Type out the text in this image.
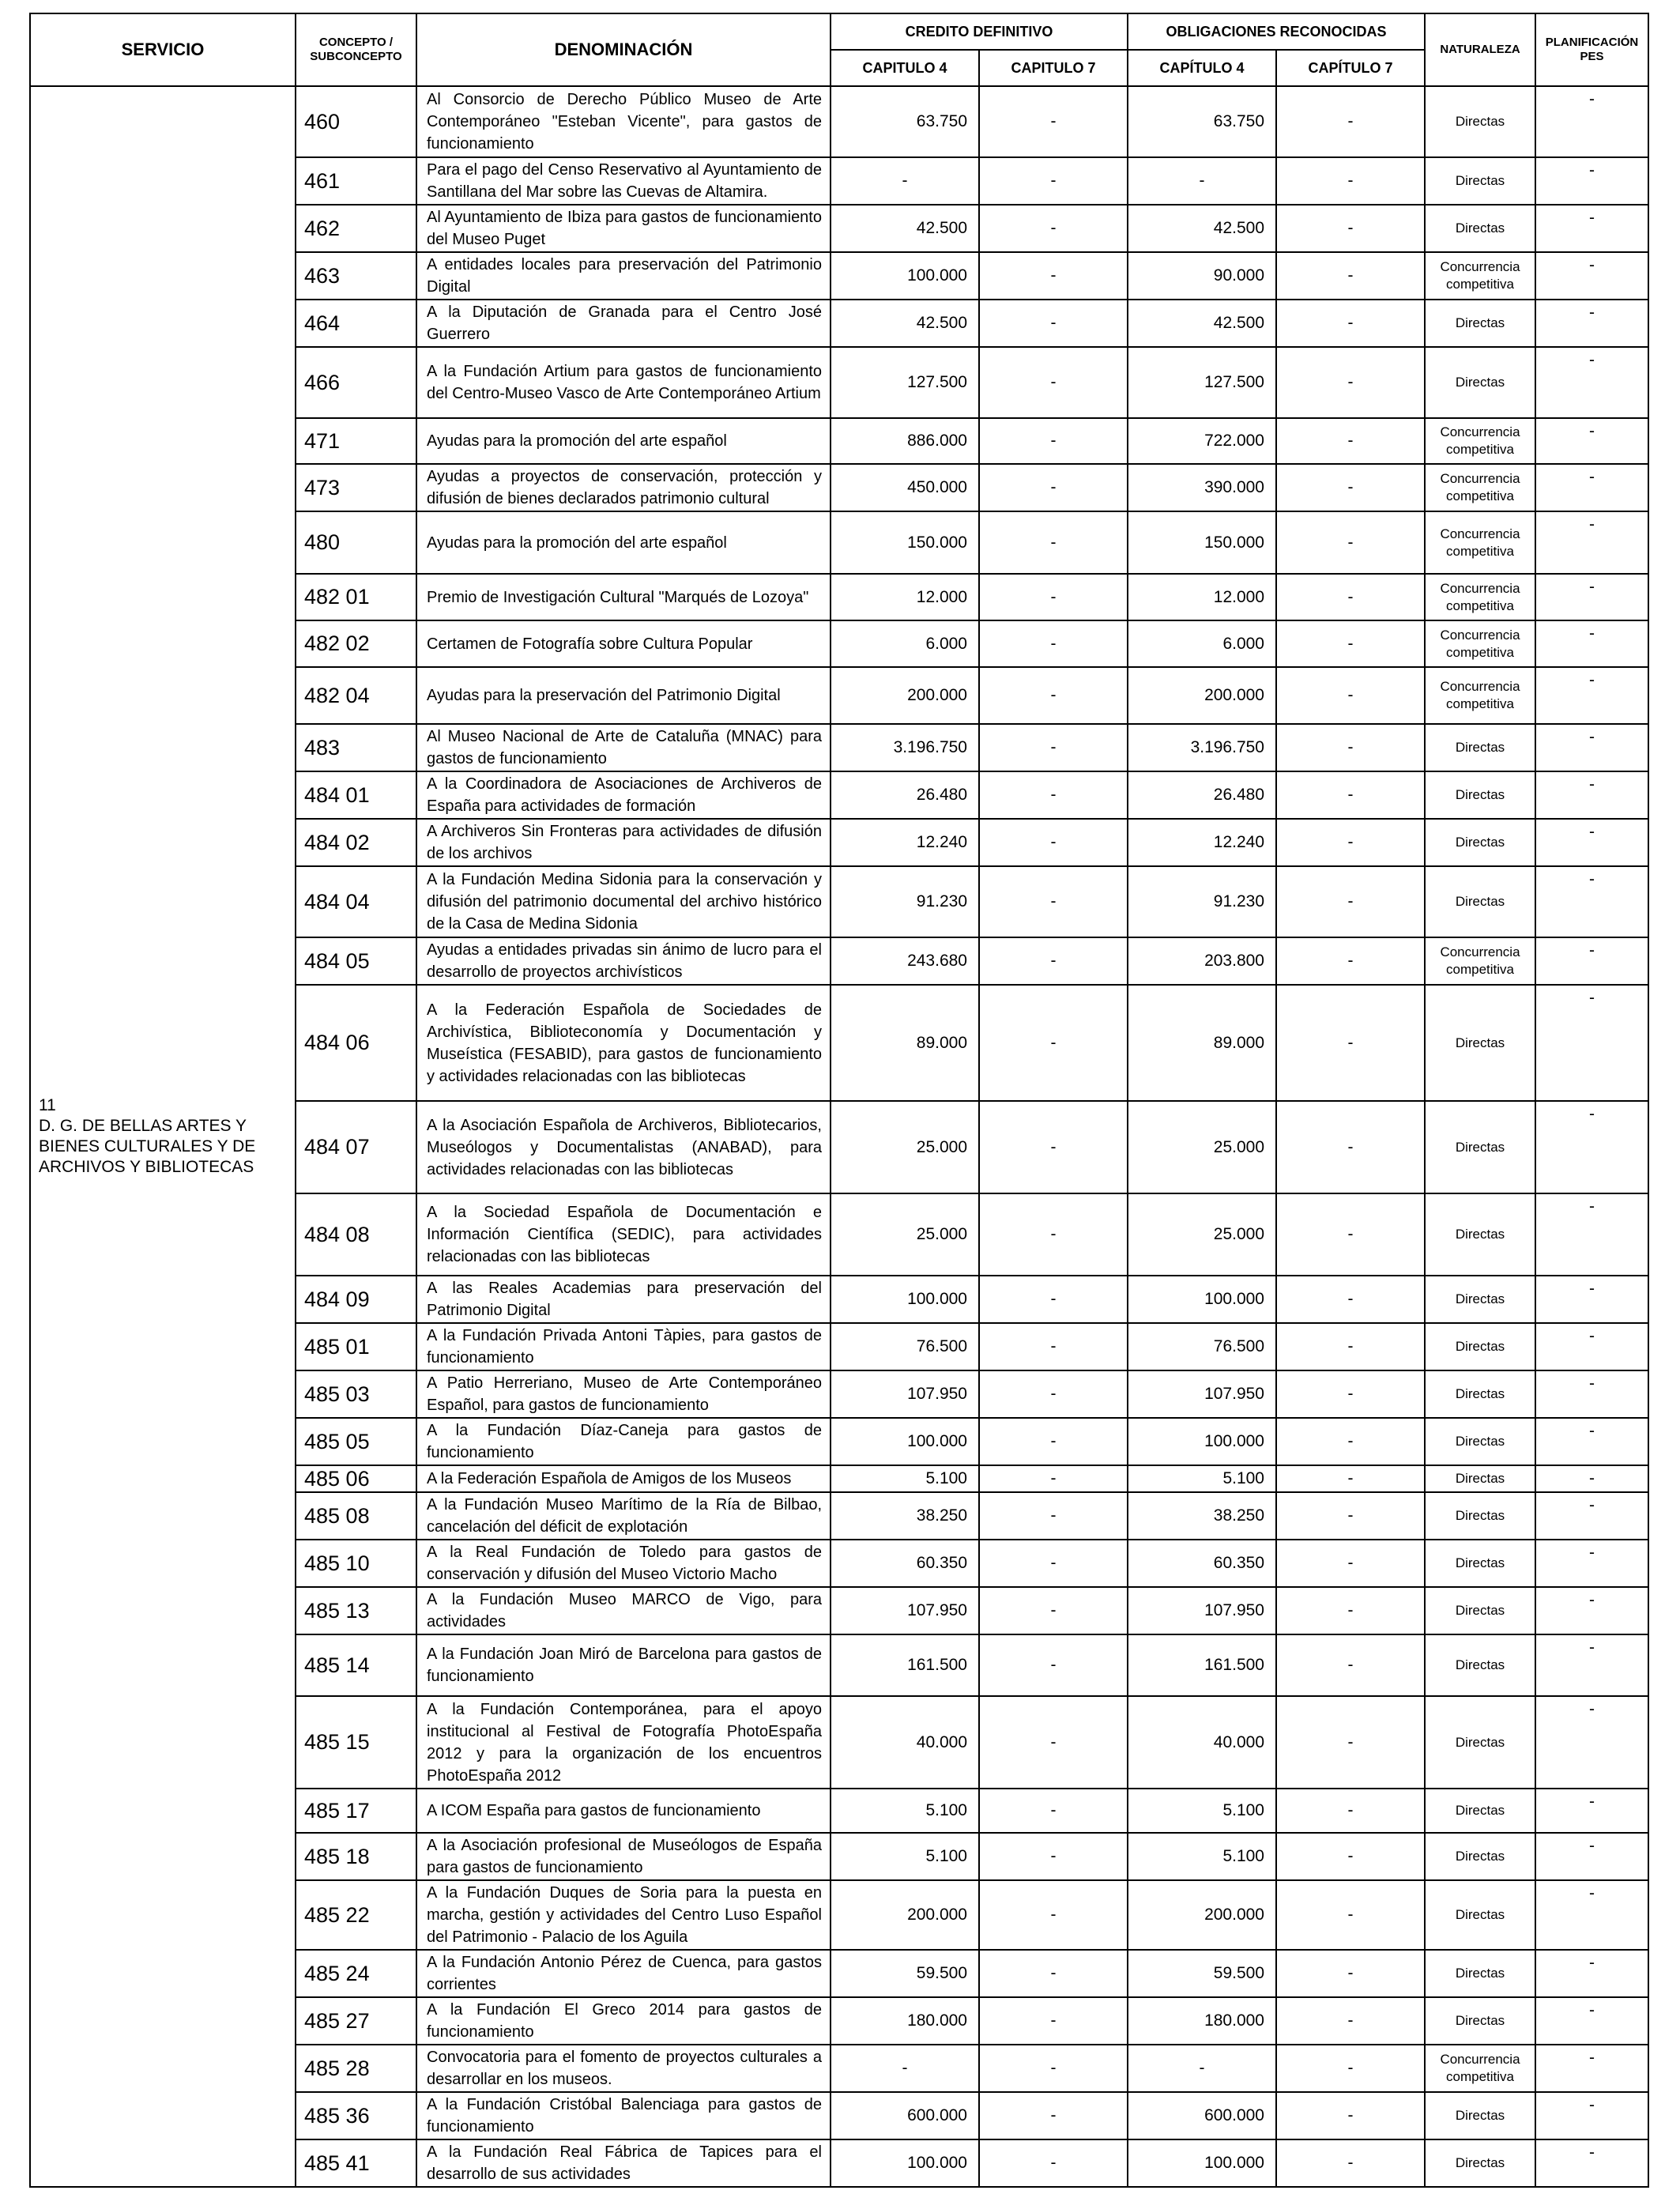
SERVICIO	CONCEPTO / SUBCONCEPTO	DENOMINACIÓN	CREDITO DEFINITIVO		OBLIGACIONES RECONOCIDAS		NATURALEZA	PLANIFICACIÓN PES
			CAPITULO 4	CAPITULO 7	CAPÍTULO 4	CAPÍTULO 7		
11D. G. DE BELLAS ARTES Y BIENES CULTURALES Y DE ARCHIVOS Y BIBLIOTECAS	460	Al Consorcio de Derecho Público Museo de Arte Contemporáneo "Esteban Vicente", para gastos de funcionamiento	63.750	-	63.750	-	Directas	-
	461	Para el pago del Censo Reservativo al Ayuntamiento de Santillana del Mar sobre las Cuevas de Altamira.	-	-	-	-	Directas	-
	462	Al Ayuntamiento de Ibiza para gastos de funcionamiento del Museo Puget	42.500	-	42.500	-	Directas	-
	463	A entidades locales para preservación del Patrimonio Digital	100.000	-	90.000	-	Concurrencia competitiva	-
	464	A la Diputación de Granada para el Centro José Guerrero	42.500	-	42.500	-	Directas	-
	466	A la Fundación Artium para gastos de funcionamiento del Centro-Museo Vasco de Arte Contemporáneo Artium	127.500	-	127.500	-	Directas	-
	471	Ayudas para la promoción del arte español	886.000	-	722.000	-	Concurrencia competitiva	-
	473	Ayudas a proyectos de conservación, protección y difusión de bienes declarados patrimonio cultural	450.000	-	390.000	-	Concurrencia competitiva	-
	480	Ayudas para la promoción del arte español	150.000	-	150.000	-	Concurrencia competitiva	-
	482 01	Premio de Investigación Cultural "Marqués de Lozoya"	12.000	-	12.000	-	Concurrencia competitiva	-
	482 02	Certamen de Fotografía sobre Cultura Popular	6.000	-	6.000	-	Concurrencia competitiva	-
	482 04	Ayudas para la preservación del Patrimonio Digital	200.000	-	200.000	-	Concurrencia competitiva	-
	483	Al Museo Nacional de Arte de Cataluña (MNAC) para gastos de funcionamiento	3.196.750	-	3.196.750	-	Directas	-
	484 01	A la Coordinadora de Asociaciones de Archiveros de España para actividades de formación	26.480	-	26.480	-	Directas	-
	484 02	A Archiveros Sin Fronteras para actividades de difusión de los archivos	12.240	-	12.240	-	Directas	-
	484 04	A la Fundación Medina Sidonia para la conservación y difusión del patrimonio documental del archivo histórico de la Casa de Medina Sidonia	91.230	-	91.230	-	Directas	-
	484 05	Ayudas a entidades privadas sin ánimo de lucro para el desarrollo de proyectos archivísticos	243.680	-	203.800	-	Concurrencia competitiva	-
	484 06	A la Federación Española de Sociedades de Archivística, Biblioteconomía y Documentación y Museística (FESABID), para gastos de funcionamiento y actividades relacionadas con las bibliotecas	89.000	-	89.000	-	Directas	-
	484 07	A la Asociación Española de Archiveros, Bibliotecarios, Museólogos y Documentalistas (ANABAD), para actividades relacionadas con las bibliotecas	25.000	-	25.000	-	Directas	-
	484 08	A la Sociedad Española de Documentación e Información Científica (SEDIC), para actividades relacionadas con las bibliotecas	25.000	-	25.000	-	Directas	-
	484 09	A las Reales Academias para preservación del Patrimonio Digital	100.000	-	100.000	-	Directas	-
	485 01	A la Fundación Privada Antoni Tàpies, para gastos de funcionamiento	76.500	-	76.500	-	Directas	-
	485 03	A Patio Herreriano, Museo de Arte Contemporáneo Español, para gastos de funcionamiento	107.950	-	107.950	-	Directas	-
	485 05	A la Fundación Díaz-Caneja para gastos de funcionamiento	100.000	-	100.000	-	Directas	-
	485 06	A la Federación Española de Amigos de los Museos	5.100	-	5.100	-	Directas	-
	485 08	A la Fundación Museo Marítimo de la Ría de Bilbao, cancelación del déficit de explotación	38.250	-	38.250	-	Directas	-
	485 10	A la Real Fundación de Toledo para gastos de conservación y difusión del Museo Victorio Macho	60.350	-	60.350	-	Directas	-
	485 13	A la Fundación Museo MARCO de Vigo, para actividades	107.950	-	107.950	-	Directas	-
	485 14	A la Fundación Joan Miró de Barcelona para gastos de funcionamiento	161.500	-	161.500	-	Directas	-
	485 15	A la Fundación Contemporánea, para el apoyo institucional al Festival de Fotografía PhotoEspaña 2012 y para la organización de los encuentros PhotoEspaña 2012	40.000	-	40.000	-	Directas	-
	485 17	A ICOM España para gastos de funcionamiento	5.100	-	5.100	-	Directas	-
	485 18	A la Asociación profesional de Museólogos de España para gastos de funcionamiento	5.100	-	5.100	-	Directas	-
	485 22	A la Fundación Duques de Soria para la puesta en marcha, gestión y actividades del Centro Luso Español del Patrimonio - Palacio de los Aguila	200.000	-	200.000	-	Directas	-
	485 24	A la Fundación Antonio Pérez de Cuenca, para gastos corrientes	59.500	-	59.500	-	Directas	-
	485 27	A la Fundación El Greco 2014 para gastos de funcionamiento	180.000	-	180.000	-	Directas	-
	485 28	Convocatoria para el fomento de proyectos culturales a desarrollar en los museos.	-	-	-	-	Concurrencia competitiva	-
	485 36	A la Fundación Cristóbal Balenciaga para gastos de funcionamiento	600.000	-	600.000	-	Directas	-
	485 41	A la Fundación Real Fábrica de Tapices para el desarrollo de sus actividades	100.000	-	100.000	-	Directas	-
